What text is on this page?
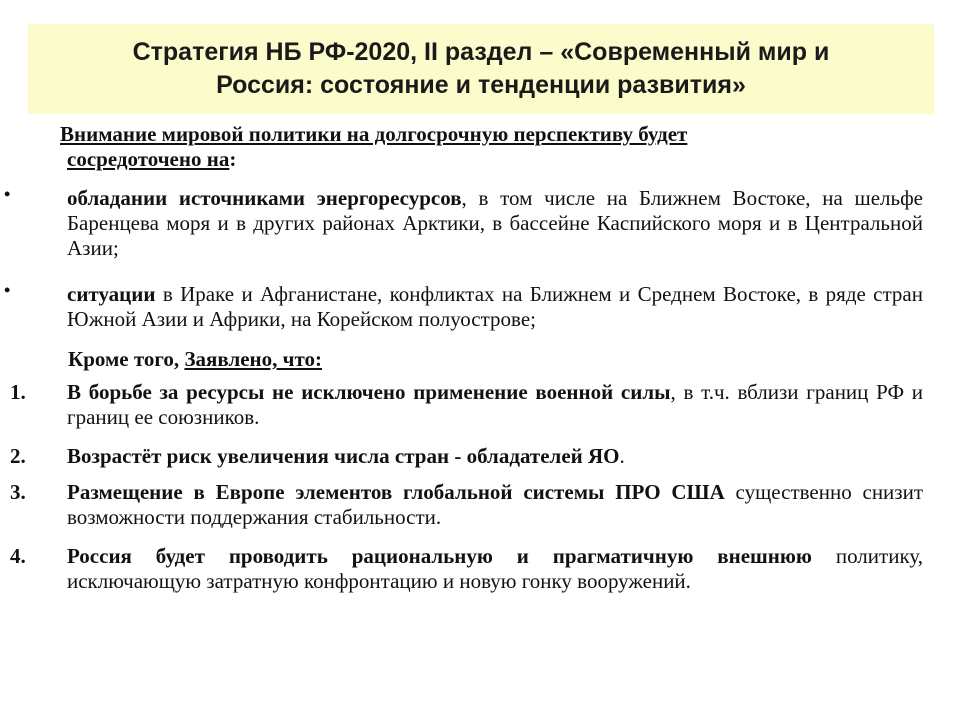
Стратегия НБ РФ-2020, II раздел – «Современный мир и
Россия: состояние и тенденции развития»
Внимание мировой политики на долгосрочную перспективу будет
сосредоточено на:
•	обладании источниками энергоресурсов, в том числе на Ближнем Востоке, на шельфе Баренцева моря и в других районах Арктики, в бассейне Каспийского моря и в Центральной Азии;
•	ситуации в Ираке и Афганистане, конфликтах на Ближнем и Среднем Востоке, в ряде стран Южной Азии и Африки, на Корейском полуострове;
Кроме того, Заявлено, что:
1.	В борьбе за ресурсы не исключено применение военной силы, в т.ч. вблизи границ РФ и границ ее союзников.
2.	Возрастёт риск увеличения числа стран - обладателей ЯО.
3.	Размещение в Европе элементов глобальной системы ПРО США существенно снизит возможности поддержания стабильности.
4.	Россия будет проводить рациональную и прагматичную внешнюю политику, исключающую затратную конфронтацию и новую гонку вооружений.
